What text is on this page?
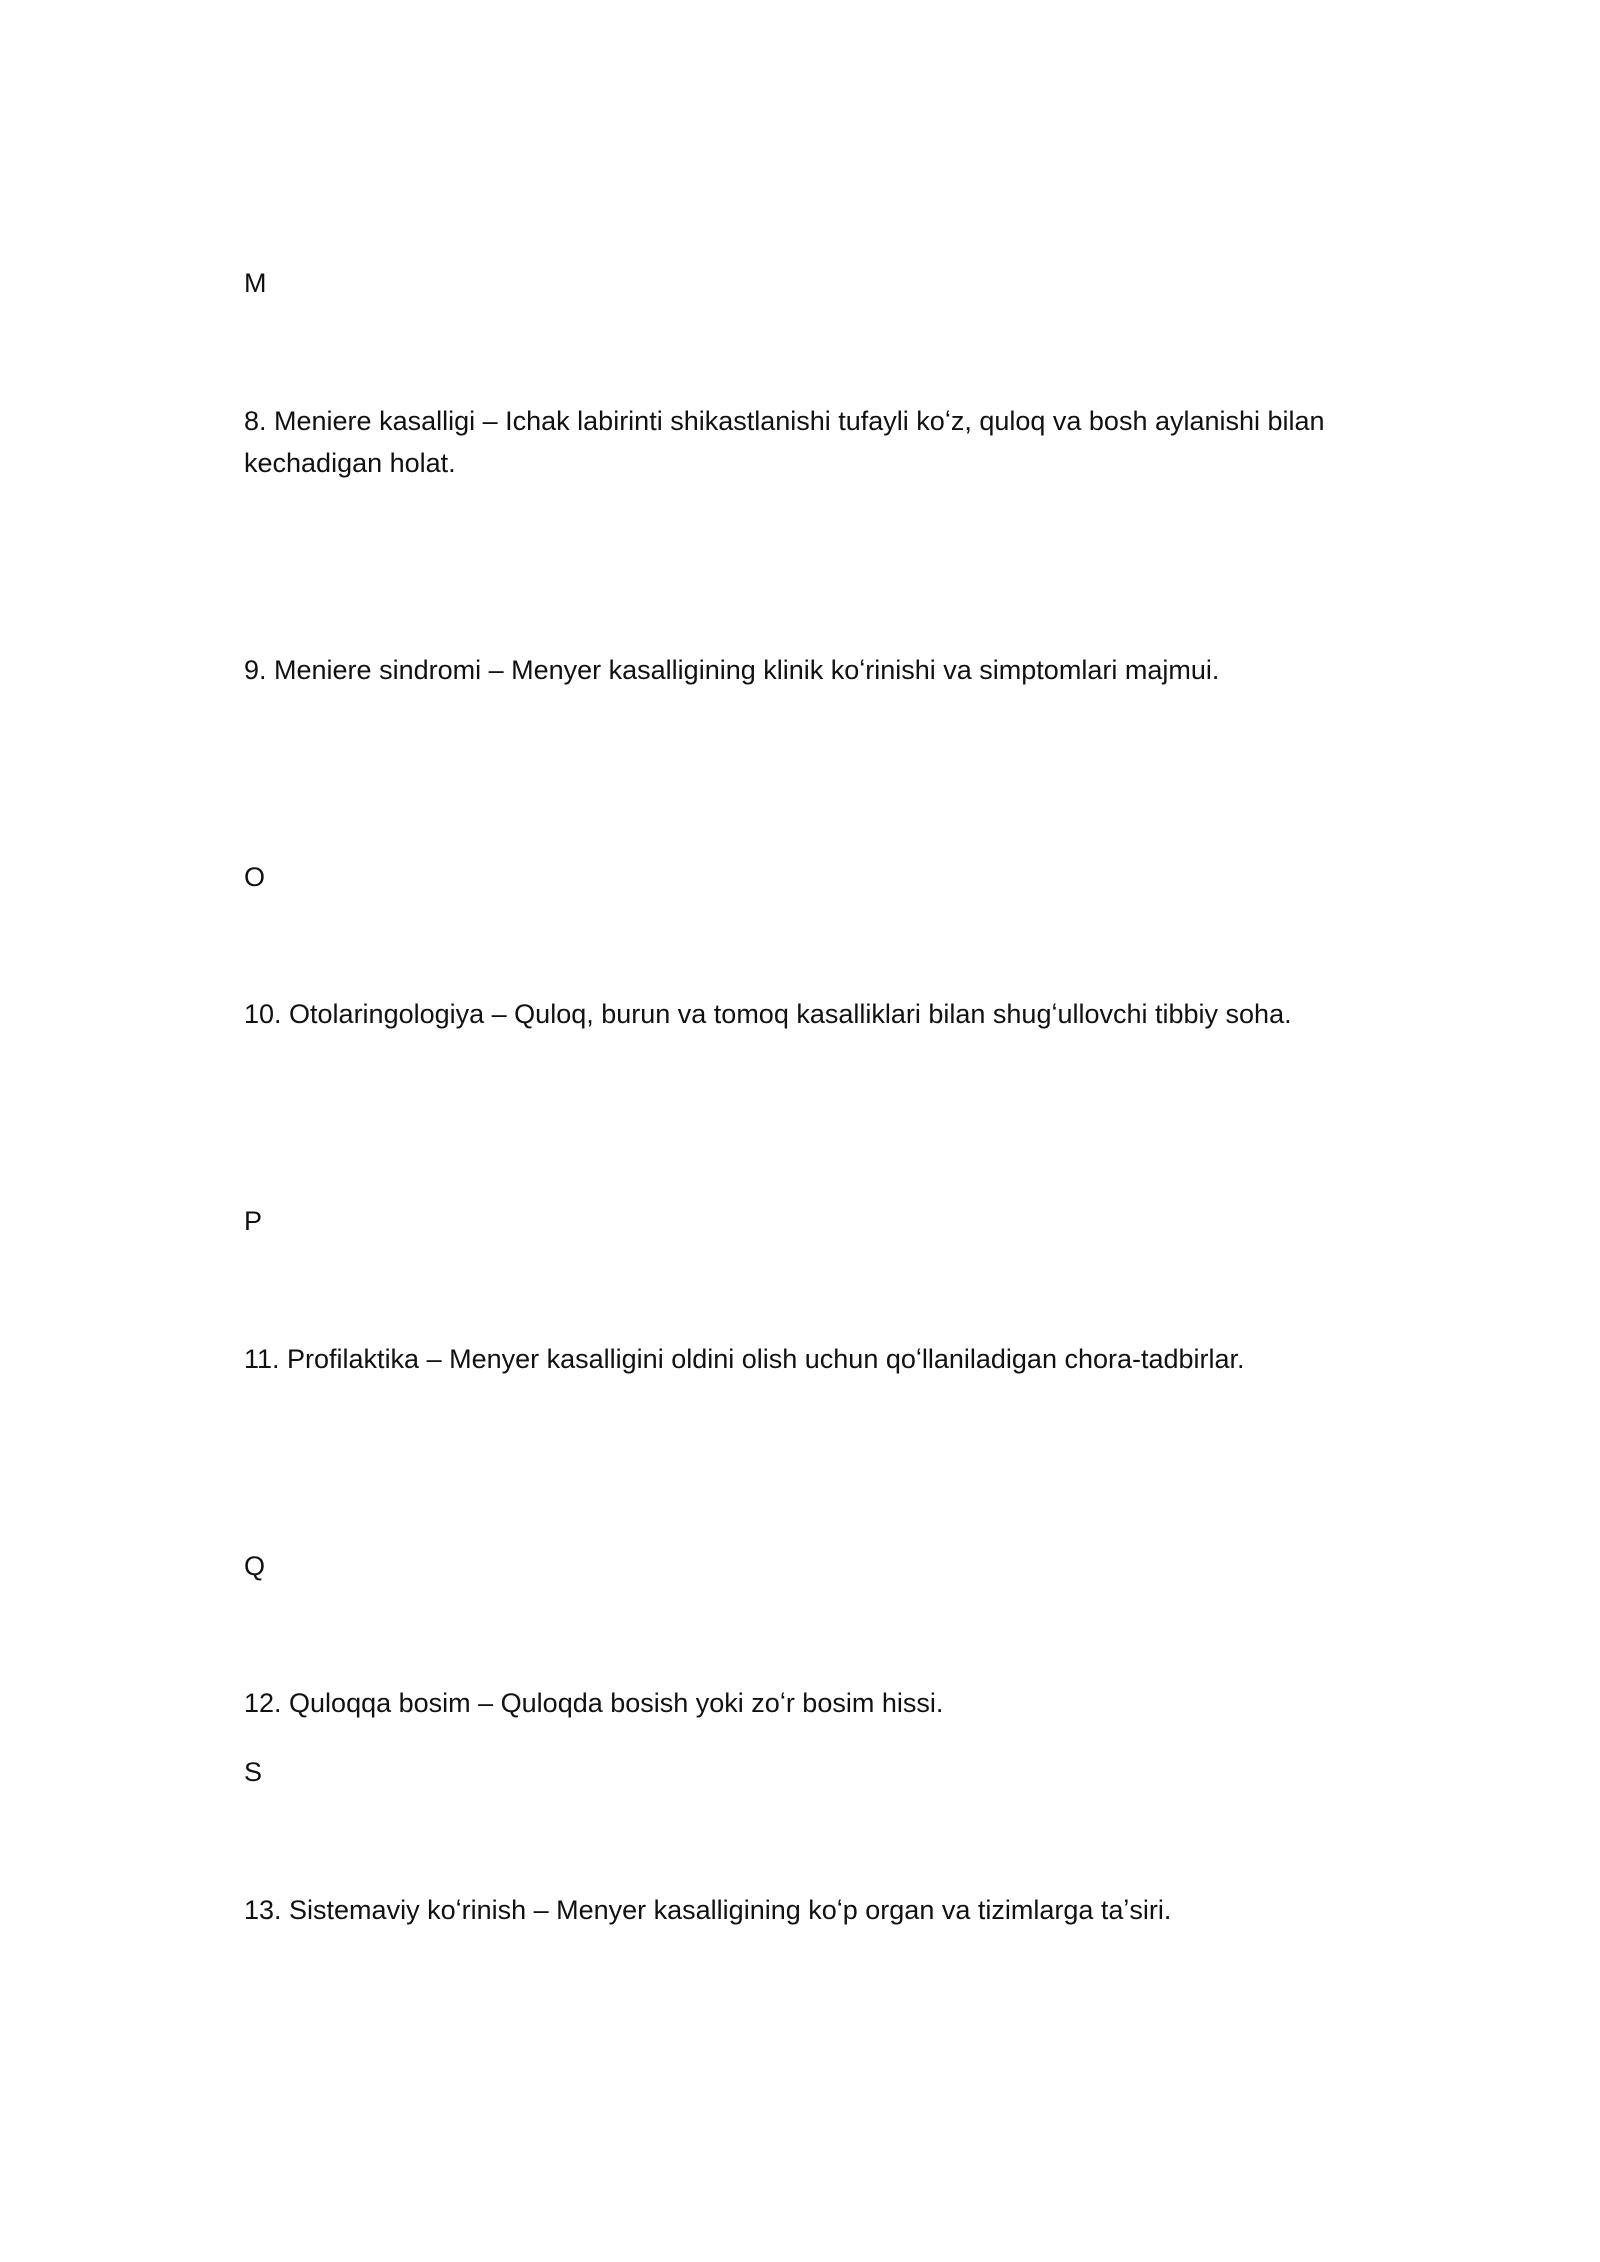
M
8. Meniere kasalligi – Ichak labirinti shikastlanishi tufayli koʻz, quloq va bosh aylanishi bilan kechadigan holat.
9. Meniere sindromi – Menyer kasalligining klinik koʻrinishi va simptomlari majmui.
O
10. Otolaringologiya – Quloq, burun va tomoq kasalliklari bilan shugʻullovchi tibbiy soha.
P
11. Profilaktika – Menyer kasalligini oldini olish uchun qoʻllaniladigan chora-tadbirlar.
Q
12. Quloqqa bosim – Quloqda bosish yoki zoʻr bosim hissi.
S
13. Sistemaviy koʻrinish – Menyer kasalligining koʻp organ va tizimlarga taʼsiri.
